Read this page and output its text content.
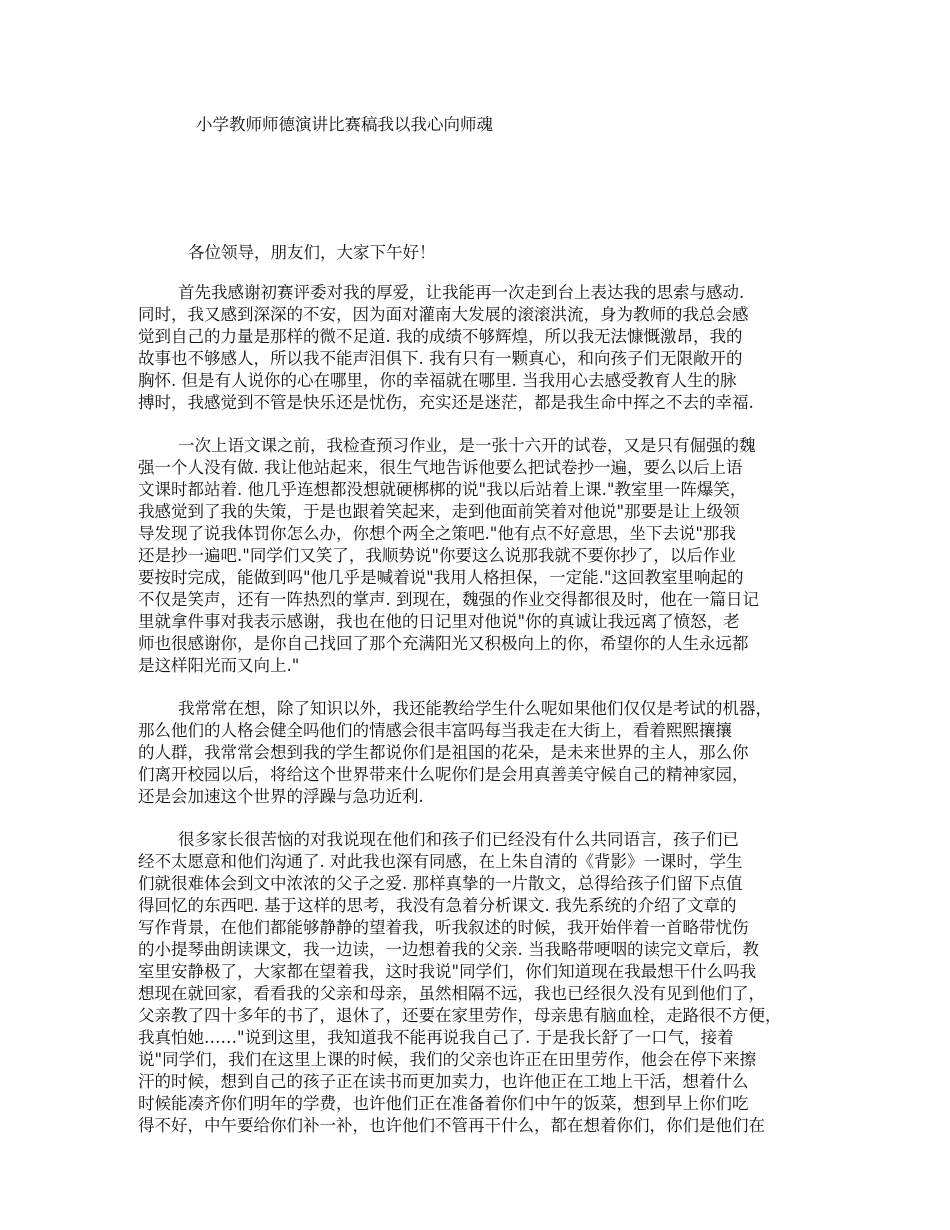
小学教师师德演讲比赛稿我以我心向师魂

各位领导，朋友们，大家下午好！

首先我感谢初赛评委对我的厚爱，让我能再一次走到台上表达我的思索与感动.
同时，我又感到深深的不安，因为面对灌南大发展的滚滚洪流，身为教师的我总会感
觉到自己的力量是那样的微不足道. 我的成绩不够辉煌，所以我无法慷慨激昂，我的
故事也不够感人，所以我不能声泪俱下. 我有只有一颗真心，和向孩子们无限敞开的
胸怀. 但是有人说你的心在哪里，你的幸福就在哪里. 当我用心去感受教育人生的脉
搏时，我感觉到不管是快乐还是忧伤，充实还是迷茫，都是我生命中挥之不去的幸福.
一次上语文课之前，我检查预习作业，是一张十六开的试卷，又是只有倔强的魏
强一个人没有做. 我让他站起来，很生气地告诉他要么把试卷抄一遍，要么以后上语
文课时都站着. 他几乎连想都没想就硬梆梆的说"我以后站着上课."教室里一阵爆笑，
我感觉到了我的失策，于是也跟着笑起来，走到他面前笑着对他说"那要是让上级领
导发现了说我体罚你怎么办，你想个两全之策吧."他有点不好意思，坐下去说"那我
还是抄一遍吧."同学们又笑了，我顺势说"你要这么说那我就不要你抄了，以后作业
要按时完成，能做到吗"他几乎是喊着说"我用人格担保，一定能."这回教室里响起的
不仅是笑声，还有一阵热烈的掌声. 到现在，魏强的作业交得都很及时，他在一篇日记
里就拿件事对我表示感谢，我也在他的日记里对他说"你的真诚让我远离了愤怒，老
师也很感谢你，是你自己找回了那个充满阳光又积极向上的你，希望你的人生永远都
是这样阳光而又向上."
我常常在想，除了知识以外，我还能教给学生什么呢如果他们仅仅是考试的机器，
那么他们的人格会健全吗他们的情感会很丰富吗每当我走在大街上，看着熙熙攘攘
的人群，我常常会想到我的学生都说你们是祖国的花朵，是未来世界的主人，那么你
们离开校园以后，将给这个世界带来什么呢你们是会用真善美守候自己的精神家园，
还是会加速这个世界的浮躁与急功近利.
很多家长很苦恼的对我说现在他们和孩子们已经没有什么共同语言，孩子们已
经不太愿意和他们沟通了. 对此我也深有同感，在上朱自清的《背影》一课时，学生
们就很难体会到文中浓浓的父子之爱. 那样真挚的一片散文，总得给孩子们留下点值
得回忆的东西吧. 基于这样的思考，我没有急着分析课文. 我先系统的介绍了文章的
写作背景，在他们都能够静静的望着我，听我叙述的时候，我开始伴着一首略带忧伤
的小提琴曲朗读课文，我一边读，一边想着我的父亲. 当我略带哽咽的读完文章后，教
室里安静极了，大家都在望着我，这时我说"同学们，你们知道现在我最想干什么吗我
想现在就回家，看看我的父亲和母亲，虽然相隔不远，我也已经很久没有见到他们了，
父亲教了四十多年的书了，退休了，还要在家里劳作，母亲患有脑血栓，走路很不方便，
我真怕她……"说到这里，我知道我不能再说我自己了. 于是我长舒了一口气，接着
说"同学们，我们在这里上课的时候，我们的父亲也许正在田里劳作，他会在停下来擦
汗的时候，想到自己的孩子正在读书而更加卖力，也许他正在工地上干活，想着什么
时候能凑齐你们明年的学费，也许他们正在准备着你们中午的饭菜，想到早上你们吃
得不好，中午要给你们补一补，也许他们不管再干什么，都在想着你们，你们是他们在
